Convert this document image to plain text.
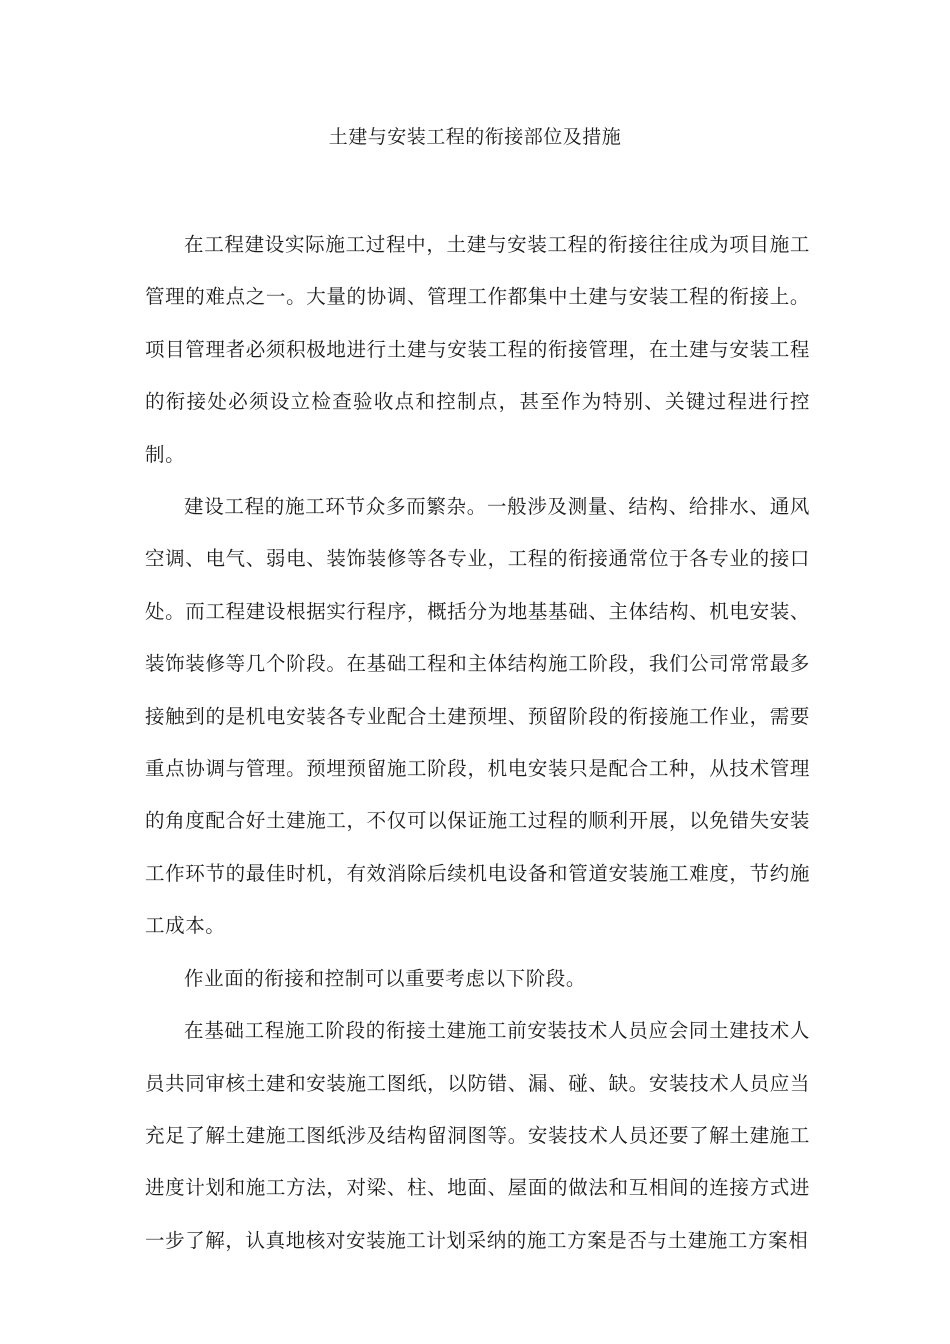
土建与安装工程的衔接部位及措施

在工程建设实际施工过程中，土建与安装工程的衔接往往成为项目施工管理的难点之一。大量的协调、管理工作都集中土建与安装工程的衔接上。项目管理者必须积极地进行土建与安装工程的衔接管理，在土建与安装工程的衔接处必须设立检查验收点和控制点，甚至作为特别、关键过程进行控制。

建设工程的施工环节众多而繁杂。一般涉及测量、结构、给排水、通风空调、电气、弱电、装饰装修等各专业，工程的衔接通常位于各专业的接口处。而工程建设根据实行程序，概括分为地基基础、主体结构、机电安装、装饰装修等几个阶段。在基础工程和主体结构施工阶段，我们公司常常最多接触到的是机电安装各专业配合土建预埋、预留阶段的衔接施工作业，需要重点协调与管理。预埋预留施工阶段，机电安装只是配合工种，从技术管理的角度配合好土建施工，不仅可以保证施工过程的顺利开展，以免错失安装工作环节的最佳时机，有效消除后续机电设备和管道安装施工难度，节约施工成本。

作业面的衔接和控制可以重要考虑以下阶段。

在基础工程施工阶段的衔接土建施工前安装技术人员应会同土建技术人员共同审核土建和安装施工图纸，以防错、漏、碰、缺。安装技术人员应当充足了解土建施工图纸涉及结构留洞图等。安装技术人员还要了解土建施工进度计划和施工方法，对梁、柱、地面、屋面的做法和互相间的连接方式进一步了解，认真地核对安装施工计划采纳的施工方案是否与土建施工方案相
